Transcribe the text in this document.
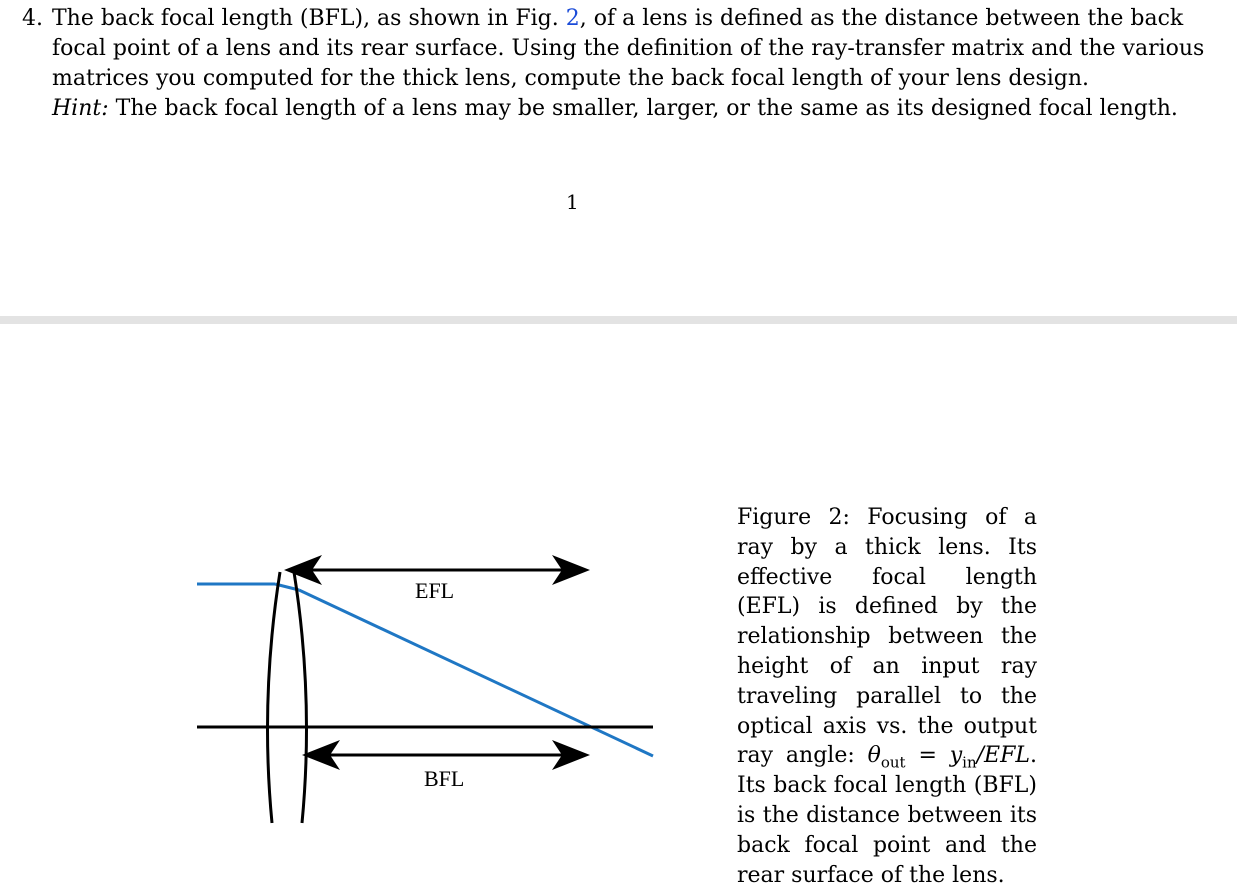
4. The back focal length (BFL), as shown in Fig. 2, of a lens is defined as the distance between the back focal point of a lens and its rear surface. Using the definition of the ray-transfer matrix and the various matrices you computed for the thick lens, compute the back focal length of your lens design.
Hint: The back focal length of a lens may be smaller, larger, or the same as its designed focal length.
1
EFL
BFL
Figure 2: Focusing of a ray by a thick lens. Its effective focal length (EFL) is defined by the relationship between the height of an input ray traveling parallel to the optical axis vs. the output ray angle: $\theta_{out} = y_{in}/EFL$. Its back focal length (BFL) is the distance between its back focal point and the rear surface of the lens.
